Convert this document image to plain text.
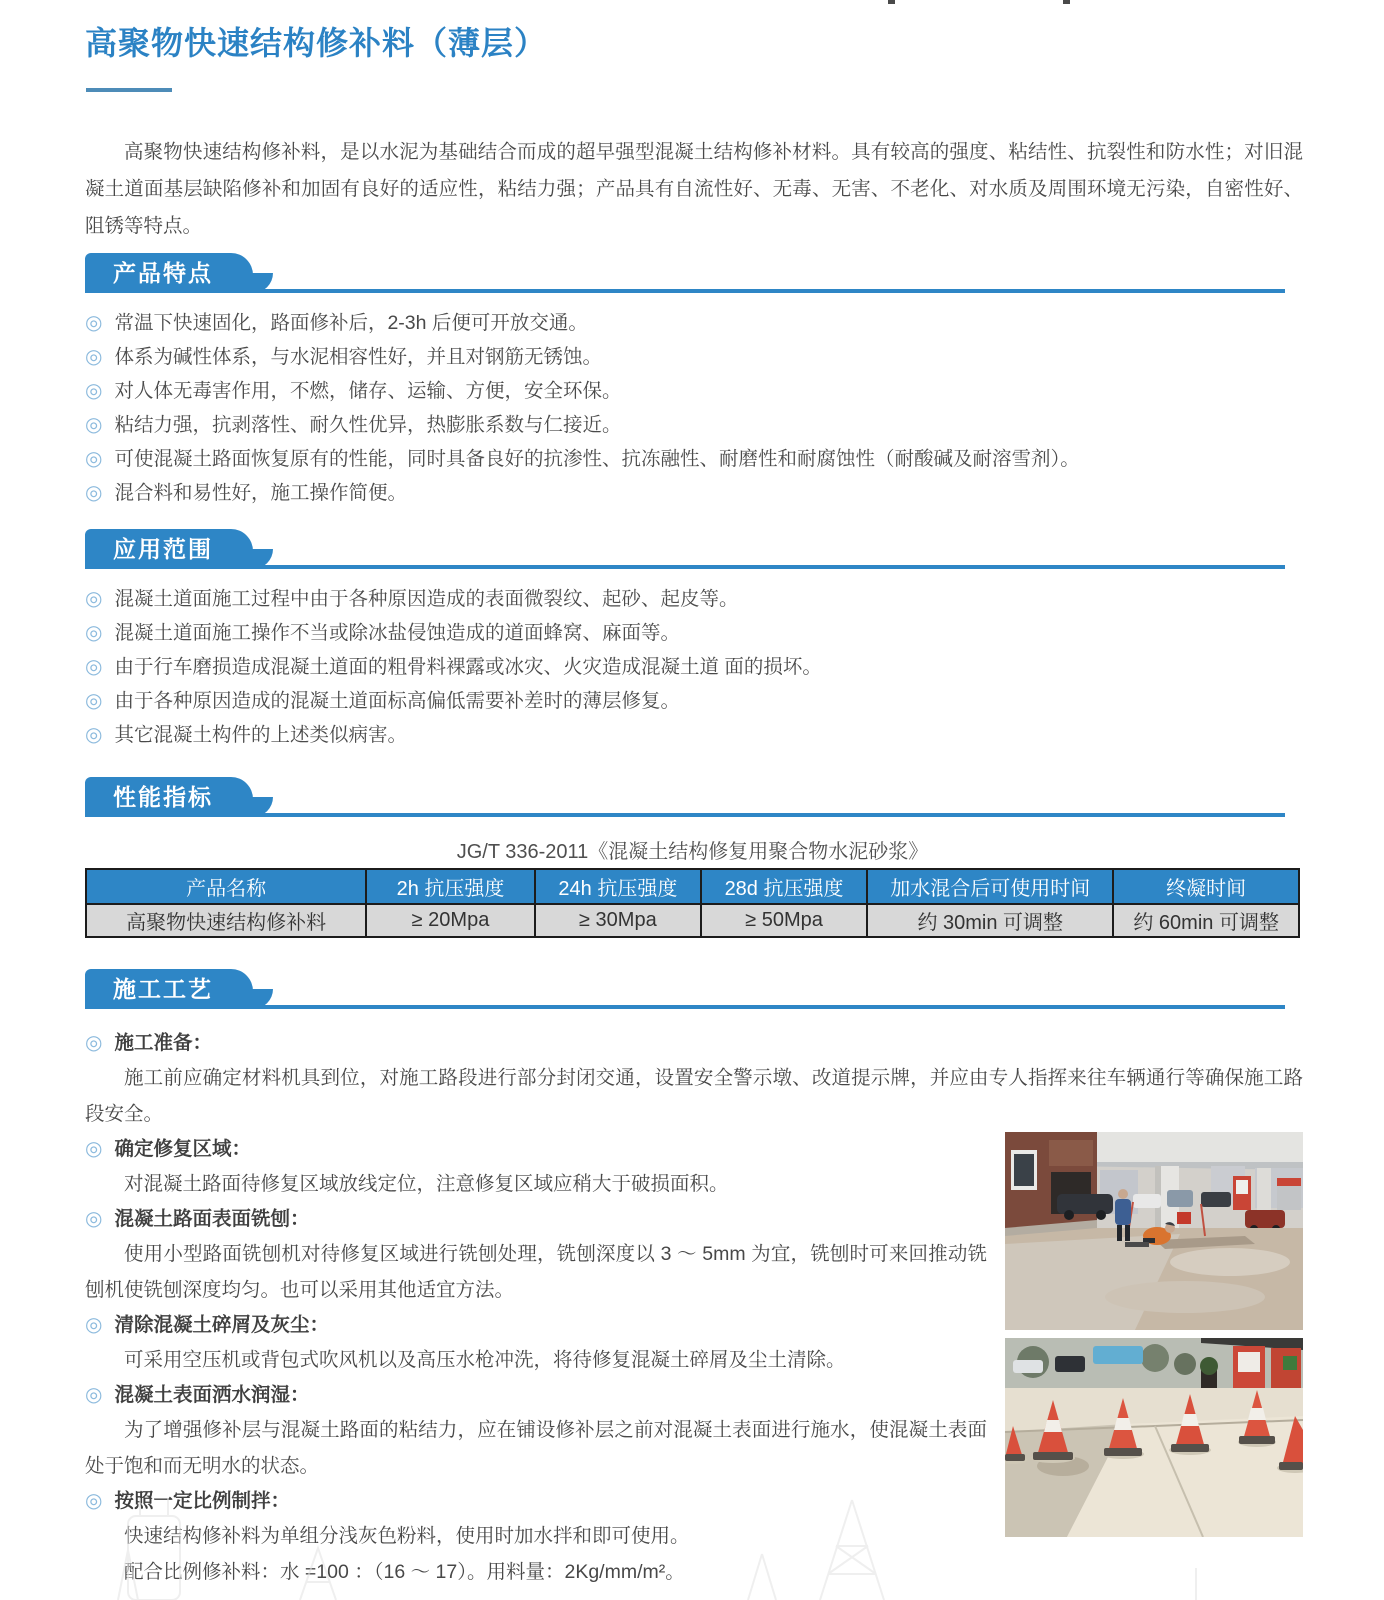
高聚物快速结构修补料（薄层）

高聚物快速结构修补料，是以水泥为基础结合而成的超早强型混凝土结构修补材料。具有较高的强度、粘结性、抗裂性和防水性；对旧混凝土道面基层缺陷修补和加固有良好的适应性，粘结力强；产品具有自流性好、无毒、无害、不老化、对水质及周围环境无污染，自密性好、阻锈等特点。

产品特点
◎ 常温下快速固化，路面修补后，2-3h 后便可开放交通。
◎ 体系为碱性体系，与水泥相容性好，并且对钢筋无锈蚀。
◎ 对人体无毒害作用，不燃，储存、运输、方便，安全环保。
◎ 粘结力强，抗剥落性、耐久性优异，热膨胀系数与仁接近。
◎ 可使混凝土路面恢复原有的性能，同时具备良好的抗渗性、抗冻融性、耐磨性和耐腐蚀性（耐酸碱及耐溶雪剂）。
◎ 混合料和易性好，施工操作简便。
应用范围
◎ 混凝土道面施工过程中由于各种原因造成的表面微裂纹、起砂、起皮等。
◎ 混凝土道面施工操作不当或除冰盐侵蚀造成的道面蜂窝、麻面等。
◎ 由于行车磨损造成混凝土道面的粗骨料裸露或冰灾、火灾造成混凝土道 面的损坏。
◎ 由于各种原因造成的混凝土道面标高偏低需要补差时的薄层修复。
◎ 其它混凝土构件的上述类似病害。
性能指标
JG/T 336-2011《混凝土结构修复用聚合物水泥砂浆》
产品名称	2h 抗压强度	24h 抗压强度	28d 抗压强度	加水混合后可使用时间	终凝时间
高聚物快速结构修补料	≥ 20Mpa	≥ 30Mpa	≥ 50Mpa	约 30min 可调整	约 60min 可调整
施工工艺
◎ 施工准备：

施工前应确定材料机具到位，对施工路段进行部分封闭交通，设置安全警示墩、改道提示牌，并应由专人指挥来往车辆通行等确保施工路段安全。

◎ 确定修复区域：

对混凝土路面待修复区域放线定位，注意修复区域应稍大于破损面积。

◎ 混凝土路面表面铣刨：

使用小型路面铣刨机对待修复区域进行铣刨处理，铣刨深度以 3 ～ 5mm 为宜，铣刨时可来回推动铣刨机使铣刨深度均匀。也可以采用其他适宜方法。

◎ 清除混凝土碎屑及灰尘：

可采用空压机或背包式吹风机以及高压水枪冲洗，将待修复混凝土碎屑及尘土清除。

◎ 混凝土表面洒水润湿：

为了增强修补层与混凝土路面的粘结力，应在铺设修补层之前对混凝土表面进行施水，使混凝土表面处于饱和而无明水的状态。

◎ 按照一定比例制拌：

快速结构修补料为单组分浅灰色粉料，使用时加水拌和即可使用。

配合比例修补料：水 =100 ：（16 ～ 17）。用料量：2Kg/mm/m²。
